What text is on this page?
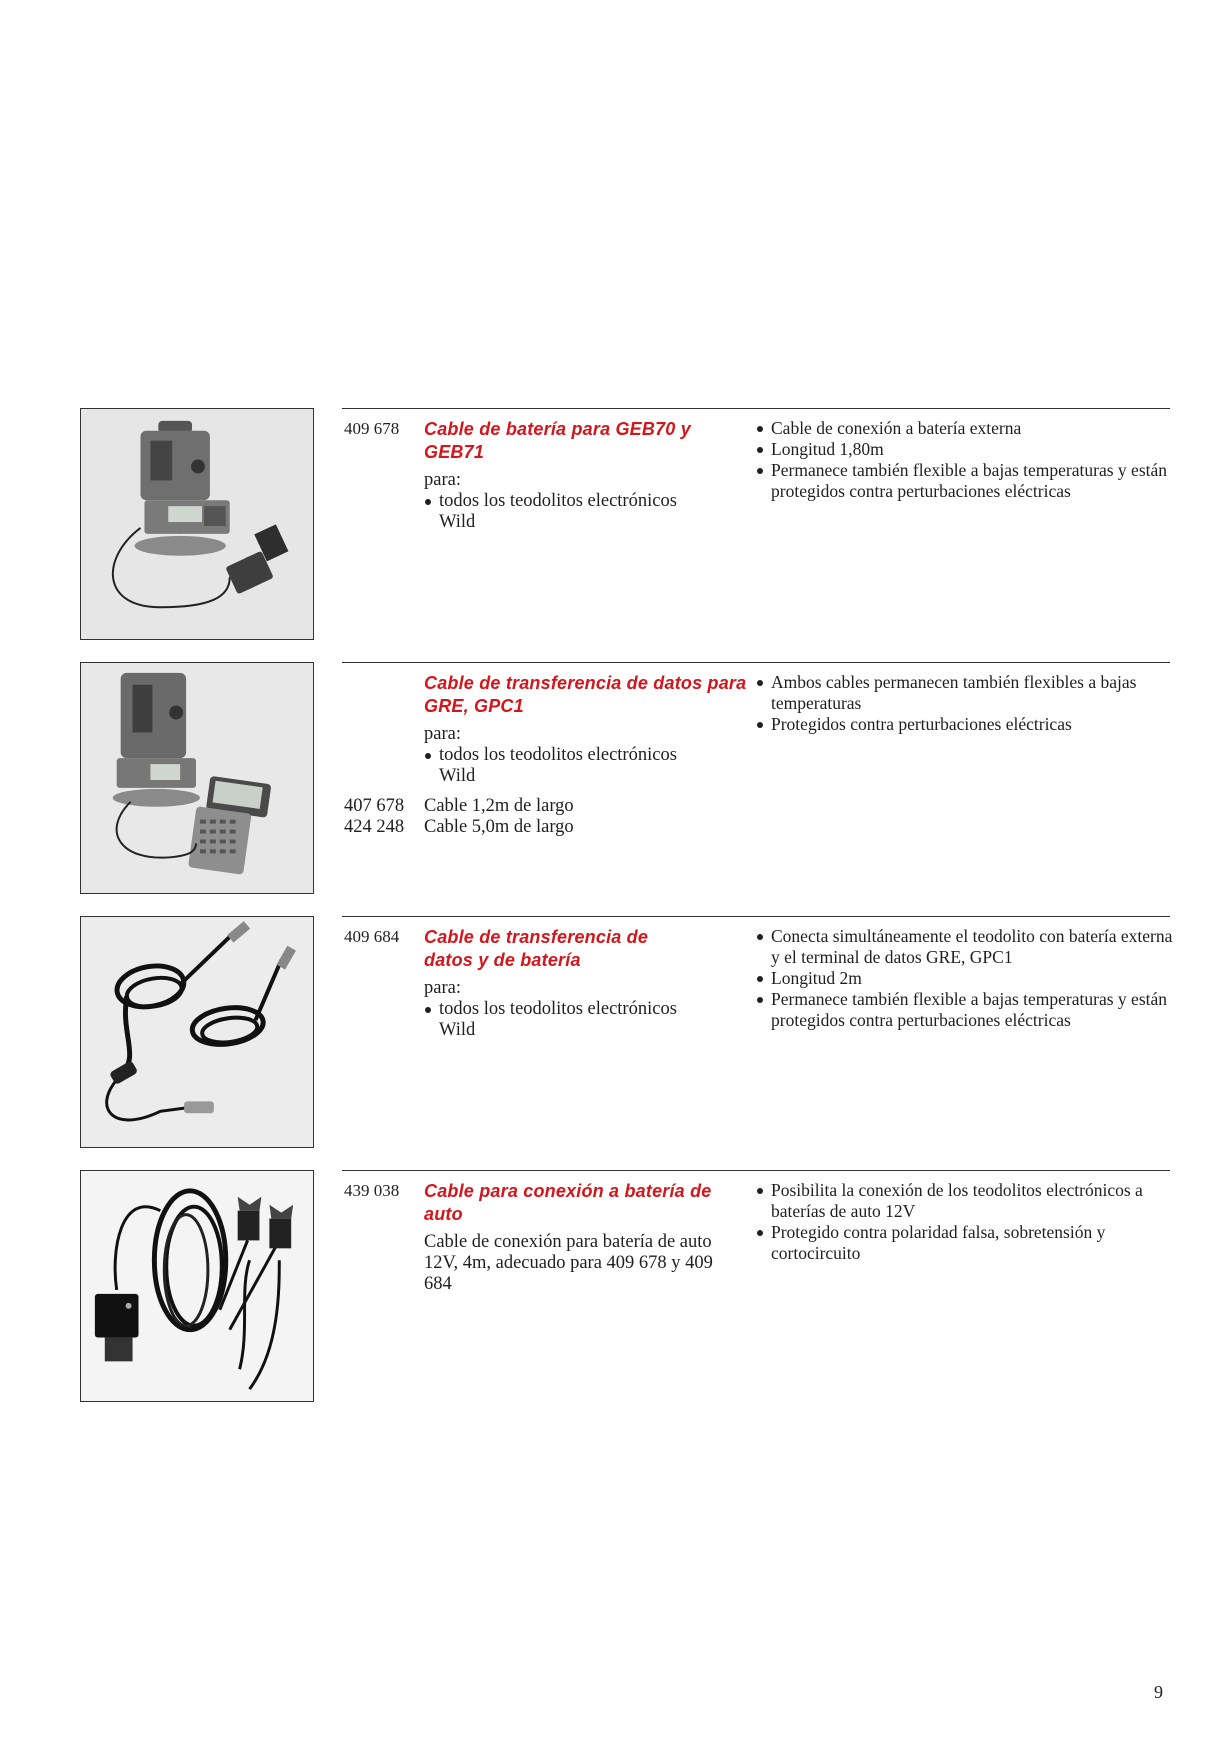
409 678	Cable de batería para GEB70 y GEB71
para:
todos los teodolitos electrónicos
Wild
Cable de conexión a batería externa
Longitud 1,80m
Permanece también flexible a bajas temperaturas y están protegidos contra perturbaciones eléctricas
Cable de transferencia de datos para GRE, GPC1
para:
todos los teodolitos electrónicos
Wild
407 678 Cable 1,2m de largo
424 248 Cable 5,0m de largo
Ambos cables permanecen también flexibles a bajas temperaturas
Protegidos contra perturbaciones eléctricas
409 684	Cable de transferencia de datos y de batería
para:
todos los teodolitos electrónicos
Wild
Conecta simultáneamente el teodolito con batería externa y el terminal de datos GRE, GPC1
Longitud 2m
Permanece también flexible a bajas temperaturas y están protegidos contra perturbaciones eléctricas
439 038	Cable para conexión a batería de auto
Cable de conexión para batería de auto 12V, 4m, adecuado para 409 678 y 409 684
Posibilita la conexión de los teodolitos electrónicos a baterías de auto 12V
Protegido contra polaridad falsa, sobretensión y cortocircuito
9
